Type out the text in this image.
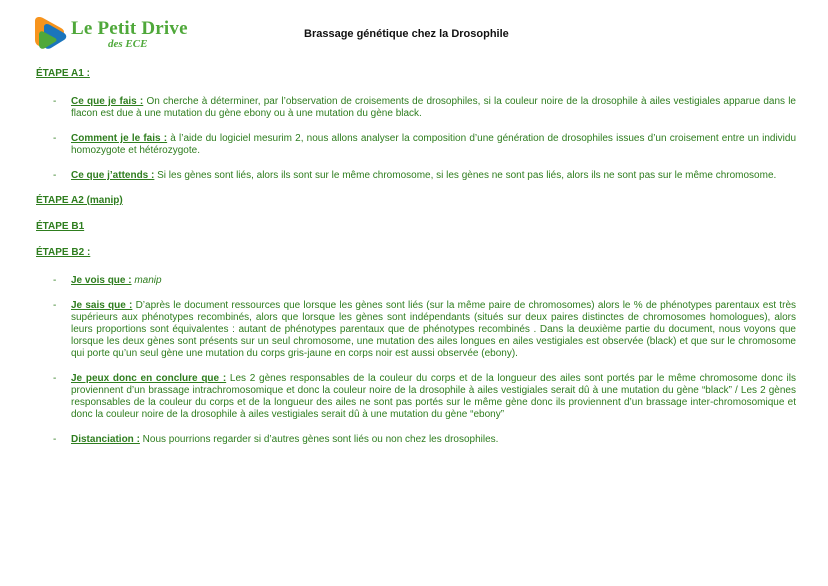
Le Petit Drive
des ECE
Brassage génétique chez la Drosophile
ÉTAPE A1 :
- Ce que je fais : On cherche à déterminer, par l’observation de croisements de drosophiles, si la couleur noire de la drosophile à ailes vestigiales apparue dans le flacon est due à une mutation du gène ebony ou à une mutation du gène black.
- Comment je le fais : à l’aide du logiciel mesurim 2, nous allons analyser la composition d’une génération de drosophiles issues d’un croisement entre un individu homozygote et hétérozygote.
- Ce que j’attends : Si les gènes sont liés, alors ils sont sur le même chromosome, si les gènes ne sont pas liés, alors ils ne sont pas sur le même chromosome.
ÉTAPE A2 (manip)
ÉTAPE B1
ÉTAPE B2 :
- Je vois que : manip
- Je sais que : D’après le document ressources que lorsque les gènes sont liés (sur la même paire de chromosomes) alors le % de phénotypes parentaux est très supérieurs aux phénotypes recombinés, alors que lorsque les gènes sont indépendants (situés sur deux paires distinctes de chromosomes homologues), alors leurs proportions sont équivalentes : autant de phénotypes parentaux que de phénotypes recombinés . Dans la deuxième partie du document, nous voyons que lorsque les deux gènes sont présents sur un seul chromosome, une mutation des ailes longues en ailes vestigiales est observée (black) et que sur le chromosome qui porte qu’un seul gène une mutation du corps gris-jaune en corps noir est aussi observée (ebony).
- Je peux donc en conclure que : Les 2 gènes responsables de la couleur du corps et de la longueur des ailes sont portés par le même chromosome donc ils proviennent d’un brassage intrachromosomique et donc la couleur noire de la drosophile à ailes vestigiales serait dû à une mutation du gène “black” / Les 2 gènes responsables de la couleur du corps et de la longueur des ailes ne sont pas portés sur le même gène donc ils proviennent d’un brassage inter-chromosomique et donc la couleur noire de la drosophile à ailes vestigiales serait dû à une mutation du gène “ebony”
- Distanciation : Nous pourrions regarder si d’autres gènes sont liés ou non chez les drosophiles.
